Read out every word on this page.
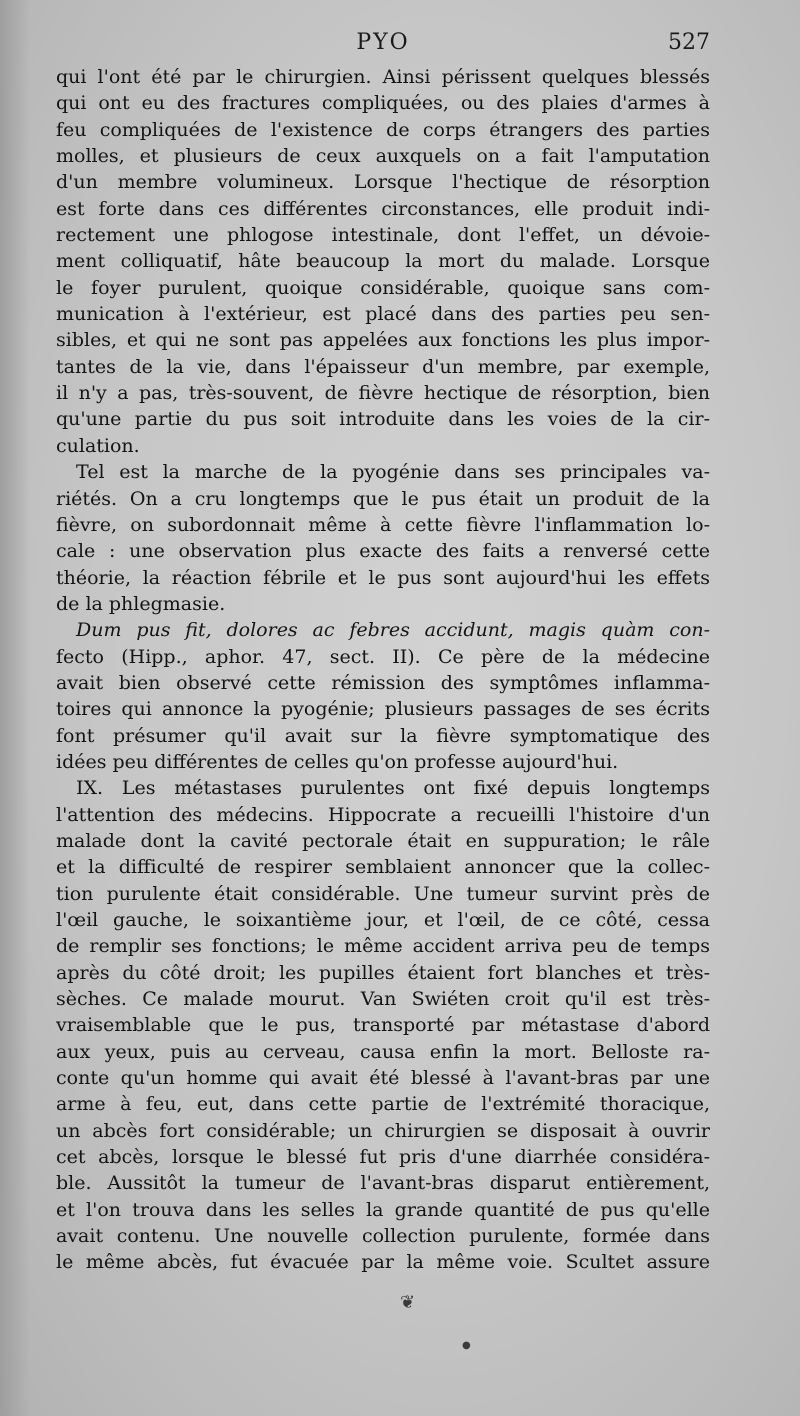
PYO	527
qui l'ont été par le chirurgien. Ainsi périssent quelques blessés
qui ont eu des fractures compliquées, ou des plaies d'armes à
feu compliquées de l'existence de corps étrangers des parties
molles, et plusieurs de ceux auxquels on a fait l'amputation
d'un membre volumineux. Lorsque l'hectique de résorption
est forte dans ces différentes circonstances, elle produit indi-
rectement une phlogose intestinale, dont l'effet, un dévoie-
ment colliquatif, hâte beaucoup la mort du malade. Lorsque
le foyer purulent, quoique considérable, quoique sans com-
munication à l'extérieur, est placé dans des parties peu sen-
sibles, et qui ne sont pas appelées aux fonctions les plus impor-
tantes de la vie, dans l'épaisseur d'un membre, par exemple,
il n'y a pas, très-souvent, de fièvre hectique de résorption, bien
qu'une partie du pus soit introduite dans les voies de la cir-
culation.
Tel est la marche de la pyogénie dans ses principales va-
riétés. On a cru longtemps que le pus était un produit de la
fièvre, on subordonnait même à cette fièvre l'inflammation lo-
cale : une observation plus exacte des faits a renversé cette
théorie, la réaction fébrile et le pus sont aujourd'hui les effets
de la phlegmasie.
Dum pus fit, dolores ac febres accidunt, magis quàm con-
fecto (Hipp., aphor. 47, sect. II). Ce père de la médecine
avait bien observé cette rémission des symptômes inflamma-
toires qui annonce la pyogénie; plusieurs passages de ses écrits
font présumer qu'il avait sur la fièvre symptomatique des
idées peu différentes de celles qu'on professe aujourd'hui.
IX. Les métastases purulentes ont fixé depuis longtemps
l'attention des médecins. Hippocrate a recueilli l'histoire d'un
malade dont la cavité pectorale était en suppuration; le râle
et la difficulté de respirer semblaient annoncer que la collec-
tion purulente était considérable. Une tumeur survint près de
l'œil gauche, le soixantième jour, et l'œil, de ce côté, cessa
de remplir ses fonctions; le même accident arriva peu de temps
après du côté droit; les pupilles étaient fort blanches et très-
sèches. Ce malade mourut. Van Swiéten croit qu'il est très-
vraisemblable que le pus, transporté par métastase d'abord
aux yeux, puis au cerveau, causa enfin la mort. Belloste ra-
conte qu'un homme qui avait été blessé à l'avant-bras par une
arme à feu, eut, dans cette partie de l'extrémité thoracique,
un abcès fort considérable; un chirurgien se disposait à ouvrir
cet abcès, lorsque le blessé fut pris d'une diarrhée considéra-
ble. Aussitôt la tumeur de l'avant-bras disparut entièrement,
et l'on trouva dans les selles la grande quantité de pus qu'elle
avait contenu. Une nouvelle collection purulente, formée dans
le même abcès, fut évacuée par la même voie. Scultet assure
❦
●
